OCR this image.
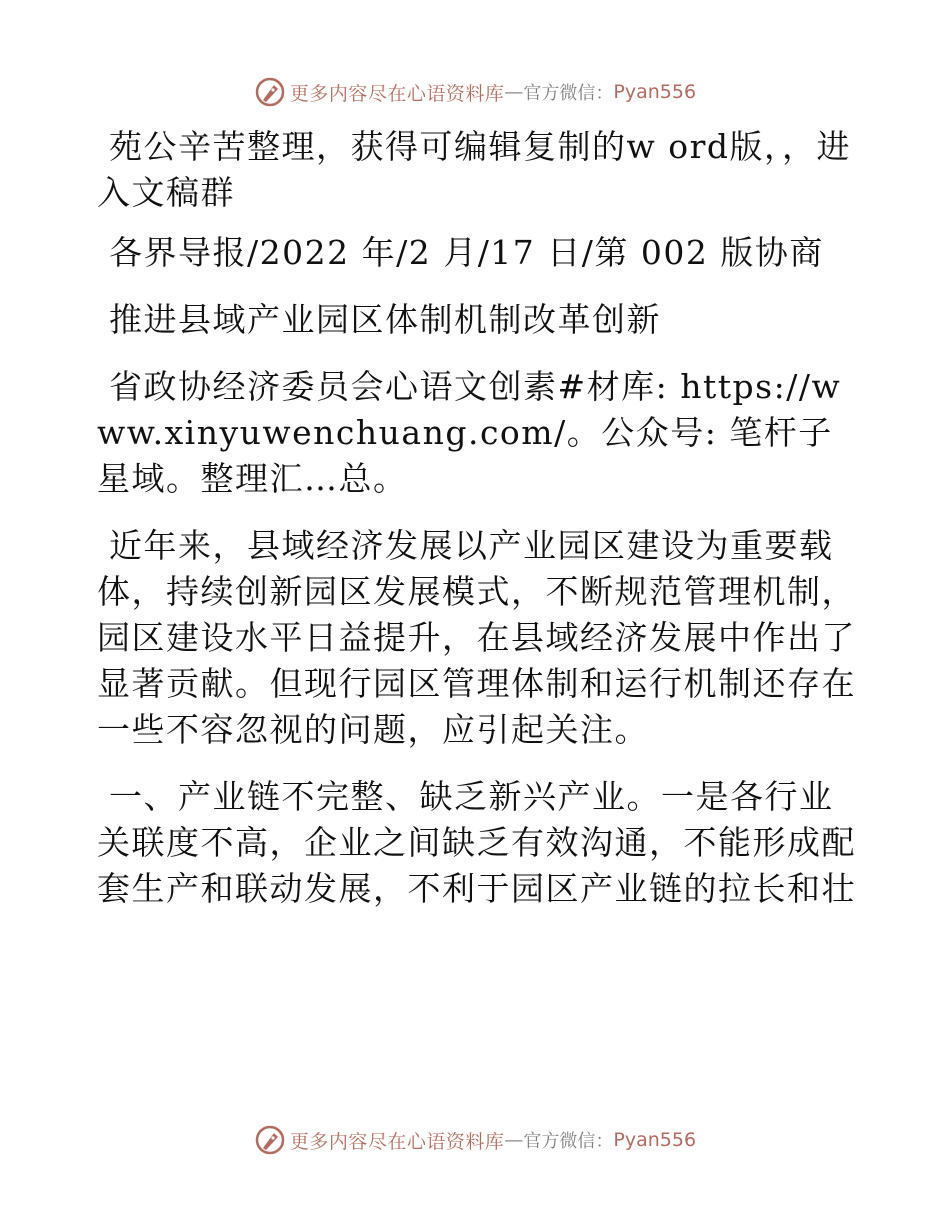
更多内容尽在心语资料库 — 官方微信： Pyan556

苑公辛苦整理，获得可编辑复制的w ord版，，进入文稿群

各界导报/2022 年/2 月/17 日/第 002 版协商

推进县域产业园区体制机制改革创新

省政协经济委员会心语文创素#材库: https://www.xinyuwenchuang.com/。公众号: 笔杆子星域。整理汇…总。

近年来，县域经济发展以产业园区建设为重要载体，持续创新园区发展模式，不断规范管理机制，园区建设水平日益提升，在县域经济发展中作出了显著贡献。但现行园区管理体制和运行机制还存在一些不容忽视的问题，应引起关注。

一、产业链不完整、缺乏新兴产业。一是各行业关联度不高，企业之间缺乏有效沟通，不能形成配套生产和联动发展，不利于园区产业链的拉长和壮

更多内容尽在心语资料库 — 官方微信： Pyan556
